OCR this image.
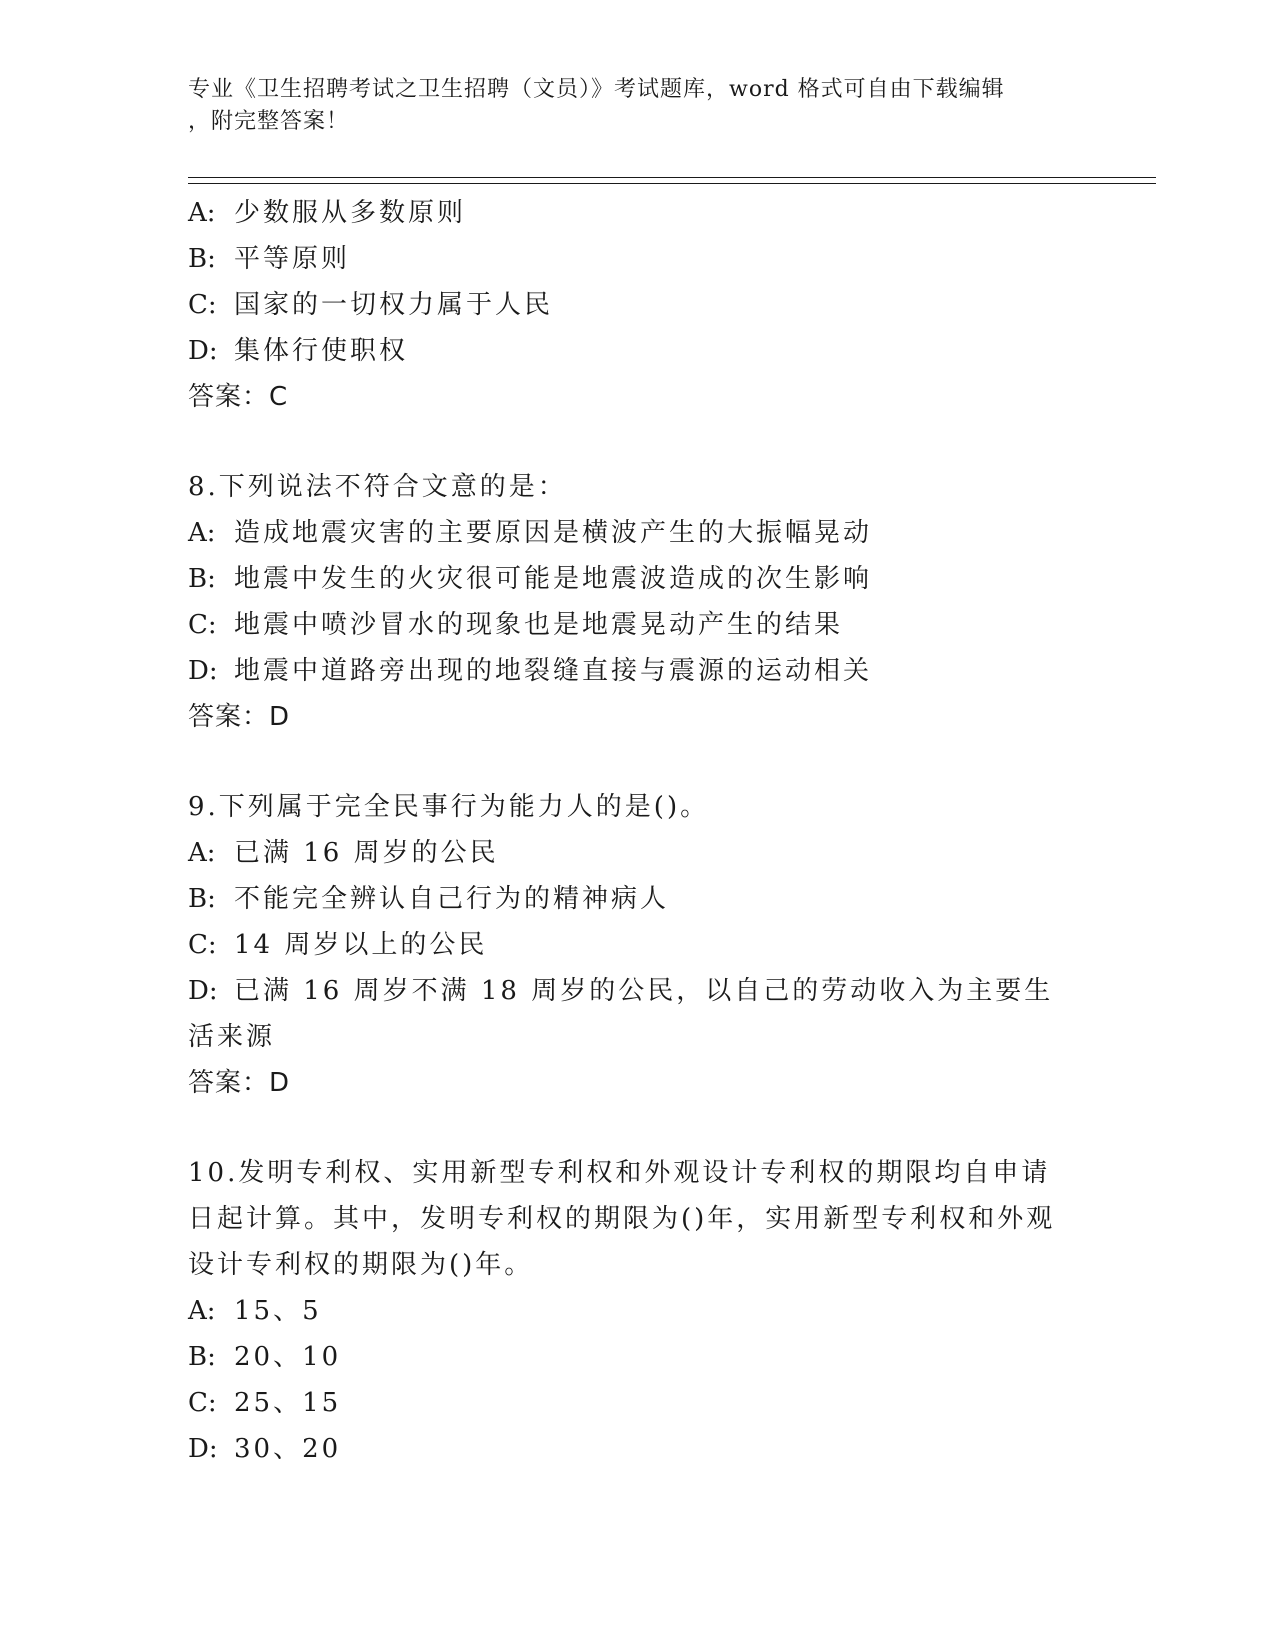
专业《卫生招聘考试之卫生招聘（文员）》考试题库，word 格式可自由下载编辑
，附完整答案！
A: 少数服从多数原则
B: 平等原则
C: 国家的一切权力属于人民
D: 集体行使职权
答案：C
8.下列说法不符合文意的是：
A: 造成地震灾害的主要原因是横波产生的大振幅晃动
B: 地震中发生的火灾很可能是地震波造成的次生影响
C: 地震中喷沙冒水的现象也是地震晃动产生的结果
D: 地震中道路旁出现的地裂缝直接与震源的运动相关
答案：D
9.下列属于完全民事行为能力人的是()。
A: 已满 16 周岁的公民
B: 不能完全辨认自己行为的精神病人
C: 14 周岁以上的公民
D: 已满 16 周岁不满 18 周岁的公民，以自己的劳动收入为主要生活来源
答案：D
10.发明专利权、实用新型专利权和外观设计专利权的期限均自申请日起计算。其中，发明专利权的期限为()年，实用新型专利权和外观设计专利权的期限为()年。
A: 15、5
B: 20、10
C: 25、15
D: 30、20
